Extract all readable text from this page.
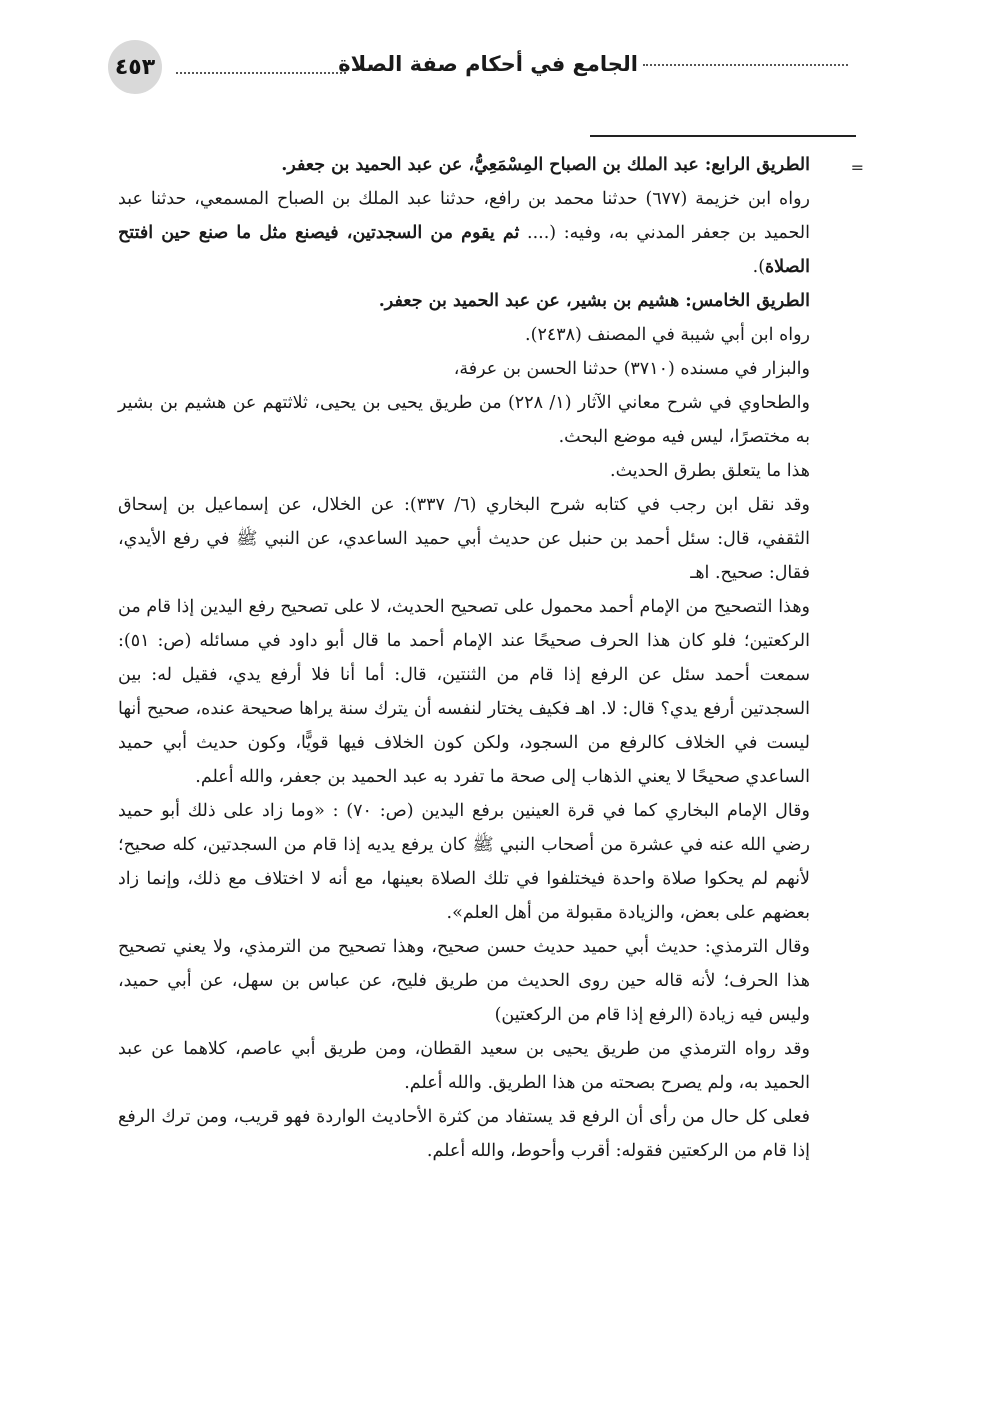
٤٥٣	الجامع في أحكام صفة الصلاة
=

الطريق الرابع: عبد الملك بن الصباح المِسْمَعِيُّ، عن عبد الحميد بن جعفر.

رواه ابن خزيمة (٦٧٧) حدثنا محمد بن رافع، حدثنا عبد الملك بن الصباح المسمعي، حدثنا عبد الحميد بن جعفر المدني به، وفيه: (.... ثم يقوم من السجدتين، فيصنع مثل ما صنع حين افتتح الصلاة).

الطريق الخامس: هشيم بن بشير، عن عبد الحميد بن جعفر.

رواه ابن أبي شيبة في المصنف (٢٤٣٨).

والبزار في مسنده (٣٧١٠) حدثنا الحسن بن عرفة،

والطحاوي في شرح معاني الآثار (١/ ٢٢٨) من طريق يحيى بن يحيى، ثلاثتهم عن هشيم بن بشير به مختصرًا، ليس فيه موضع البحث.

هذا ما يتعلق بطرق الحديث.

وقد نقل ابن رجب في كتابه شرح البخاري (٦/ ٣٣٧): عن الخلال، عن إسماعيل بن إسحاق الثقفي، قال: سئل أحمد بن حنبل عن حديث أبي حميد الساعدي، عن النبي ﷺ في رفع الأيدي، فقال: صحيح. اهـ

وهذا التصحيح من الإمام أحمد محمول على تصحيح الحديث، لا على تصحيح رفع اليدين إذا قام من الركعتين؛ فلو كان هذا الحرف صحيحًا عند الإمام أحمد ما قال أبو داود في مسائله (ص: ٥١): سمعت أحمد سئل عن الرفع إذا قام من الثنتين، قال: أما أنا فلا أرفع يدي، فقيل له: بين السجدتين أرفع يدي؟ قال: لا. اهـ فكيف يختار لنفسه أن يترك سنة يراها صحيحة عنده، صحيح أنها ليست في الخلاف كالرفع من السجود، ولكن كون الخلاف فيها قويًّا، وكون حديث أبي حميد الساعدي صحيحًا لا يعني الذهاب إلى صحة ما تفرد به عبد الحميد بن جعفر، والله أعلم.

وقال الإمام البخاري كما في قرة العينين برفع اليدين (ص: ٧٠) : «وما زاد على ذلك أبو حميد رضي الله عنه في عشرة من أصحاب النبي ﷺ كان يرفع يديه إذا قام من السجدتين، كله صحيح؛ لأنهم لم يحكوا صلاة واحدة فيختلفوا في تلك الصلاة بعينها، مع أنه لا اختلاف مع ذلك، وإنما زاد بعضهم على بعض، والزيادة مقبولة من أهل العلم».

وقال الترمذي: حديث أبي حميد حديث حسن صحيح، وهذا تصحيح من الترمذي، ولا يعني تصحيح هذا الحرف؛ لأنه قاله حين روى الحديث من طريق فليح، عن عباس بن سهل، عن أبي حميد، وليس فيه زيادة (الرفع إذا قام من الركعتين)

وقد رواه الترمذي من طريق يحيى بن سعيد القطان، ومن طريق أبي عاصم، كلاهما عن عبد الحميد به، ولم يصرح بصحته من هذا الطريق. والله أعلم.

فعلى كل حال من رأى أن الرفع قد يستفاد من كثرة الأحاديث الواردة فهو قريب، ومن ترك الرفع إذا قام من الركعتين فقوله: أقرب وأحوط، والله أعلم.
